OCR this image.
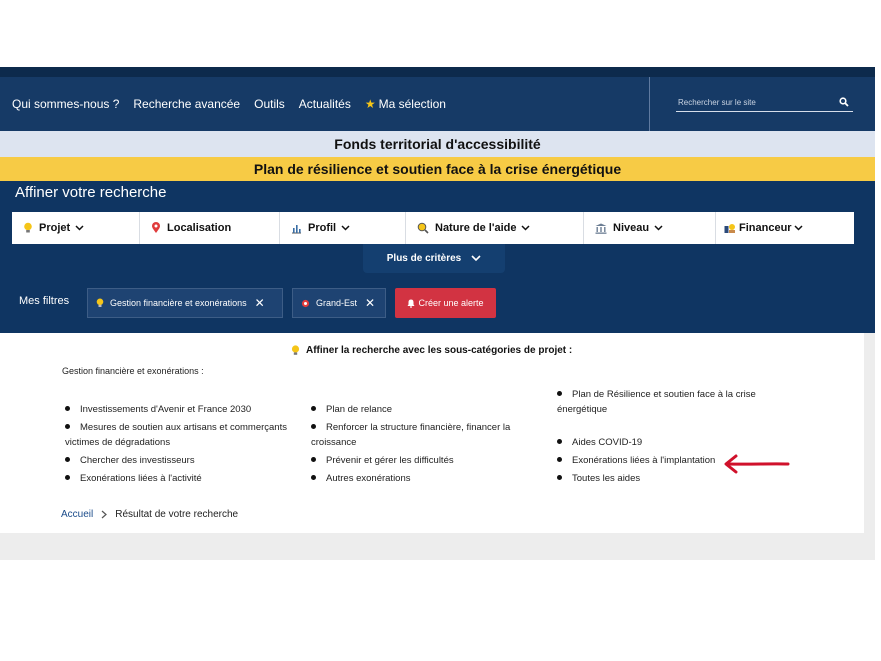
Qui sommes-nous ? Recherche avancée Outils Actualités ★ Ma sélection
Rechercher sur le site
Fonds territorial d'accessibilité
Plan de résilience et soutien face à la crise énergétique
Affiner votre recherche
Projet	Localisation	Profil	Nature de l'aide	Niveau	Financeur
Plus de critères
Mes filtres	Gestion financière et exonérations ✕	Grand-Est ✕	Créer une alerte
Affiner la recherche avec les sous-catégories de projet :
Gestion financière et exonérations :
Investissements d'Avenir et France 2030
Mesures de soutien aux artisans et commerçants victimes de dégradations
Chercher des investisseurs
Exonérations liées à l'activité
Plan de relance
Renforcer la structure financière, financer la croissance
Prévenir et gérer les difficultés
Autres exonérations
Plan de Résilience et soutien face à la crise énergétique
Aides COVID-19
Exonérations liées à l'implantation
Toutes les aides
Accueil Résultat de votre recherche
